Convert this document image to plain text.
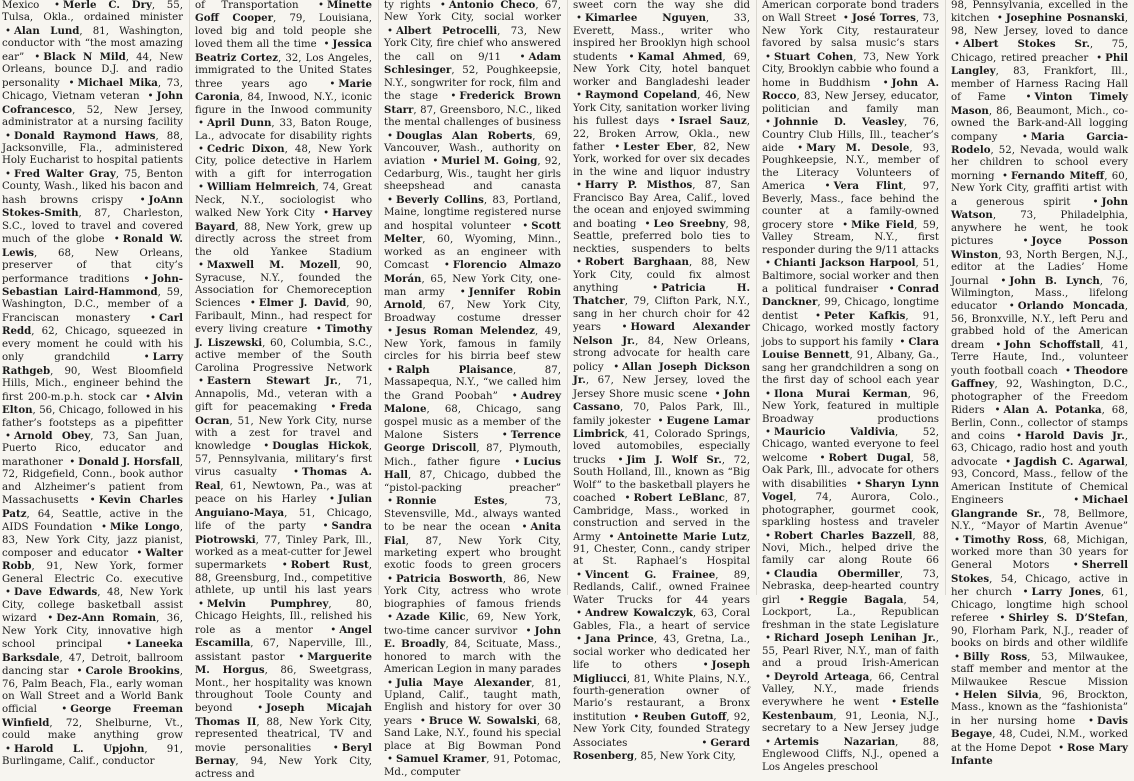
Mexico • Merle C. Dry, 55, Tulsa, Okla., ordained minister • Alan Lund, 81, Washington, conductor with “the most amazing ear” • Black N Mild, 44, New Orleans, bounce D.J. and radio personality • Michael Mika, 73, Chicago, Vietnam veteran • John Cofrancesco, 52, New Jersey, administrator at a nursing facility • Donald Raymond Haws, 88, Jacksonville, Fla., administered Holy Eucharist to hospital patients • Fred Walter Gray, 75, Benton County, Wash., liked his bacon and hash browns crispy • JoAnn Stokes-Smith, 87, Charleston, S.C., loved to travel and covered much of the globe • Ronald W. Lewis, 68, New Orleans, preserver of that city’s performance traditions • John-Sebastian Laird-Hammond, 59, Washington, D.C., member of a Franciscan monastery • Carl Redd, 62, Chicago, squeezed in every moment he could with his only grandchild	• Larry Rathgeb, 90, West Bloomfield Hills, Mich., engineer behind the first 200-m.p.h. stock car • Alvin Elton, 56, Chicago, followed in his father’s footsteps as a pipefitter • Arnold Obey, 73, San Juan, Puerto Rico, educator and marathoner • Donald J. Horsfall, 72, Ridgefield, Conn., book author and Alzheimer’s patient from Massachusetts • Kevin Charles Patz, 64, Seattle, active in the AIDS Foundation • Mike Longo, 83, New York City, jazz pianist, composer and educator • Walter Robb, 91, New York, former General Electric Co. executive • Dave Edwards, 48, New York City, college basketball assist wizard • Dez-Ann Romain, 36, New York City, innovative high school principal • Laneeka Barksdale, 47, Detroit, ballroom dancing star • Carole Brookins, 76, Palm Beach, Fla., early woman on Wall Street and a World Bank official • George Freeman Winfield, 72, Shelburne, Vt., could make anything grow • Harold L. Upjohn, 91, Burlingame, Calif., conductor

of Transportation • Minette Goff Cooper, 79, Louisiana, loved big and told people she loved them all the time • Jessica Beatriz Cortez, 32, Los Angeles, immigrated to the United States three years ago • Marie Caronia, 84, Inwood, N.Y., iconic figure in the Inwood community • April Dunn, 33, Baton Rouge, La., advocate for disability rights • Cedric Dixon, 48, New York City, police detective in Harlem with a gift for interrogation • William Helmreich, 74, Great Neck, N.Y., sociologist who walked New York City • Harvey Bayard, 88, New York, grew up directly across the street from the old Yankee Stadium • Maxwell M. Mozell, 90, Syracuse, N.Y., founded the Association for Chemoreception Sciences • Elmer J. David, 90, Faribault, Minn., had respect for every living creature • Timothy J. Liszewski, 60, Columbia, S.C., active member of the South Carolina Progressive Network • Eastern Stewart Jr., 71, Annapolis, Md., veteran with a gift for peacemaking • Freda Ocran, 51, New York City, nurse with a zest for travel and knowledge • Douglas Hickok, 57, Pennsylvania, military’s first virus casualty • Thomas A. Real, 61, Newtown, Pa., was at peace on his Harley • Julian Anguiano-Maya, 51, Chicago, life of the party • Sandra Piotrowski, 77, Tinley Park, Ill., worked as a meat-cutter for Jewel supermarkets • Robert Rust, 88, Greensburg, Ind., competitive athlete, up until his last years • Melvin Pumphrey, 80, Chicago Heights, Ill., relished his role as a mentor • Angel Escamilla, 67, Naperville, Ill., assistant pastor • Marguerite M. Horgus, 86, Sweetgrass, Mont., her hospitality was known throughout Toole County and beyond • Joseph Micajah Thomas II, 88, New York City, represented theatrical, TV and movie personalities • Beryl Bernay, 94, New York City, actress and

ty rights • Antonio Checo, 67, New York City, social worker • Albert Petrocelli, 73, New York City, fire chief who answered the call on 9/11 • Adam Schlesinger, 52, Poughkeepsie, N.Y., songwriter for rock, film and the stage • Frederick Brown Starr, 87, Greensboro, N.C., liked the mental challenges of business • Douglas Alan Roberts, 69, Vancouver, Wash., authority on aviation • Muriel M. Going, 92, Cedarburg, Wis., taught her girls sheepshead and canasta • Beverly Collins, 83, Portland, Maine, longtime registered nurse and hospital volunteer • Scott Melter, 60, Wyoming, Minn., worked as an engineer with Comcast • Florencio Almazo Morán, 65, New York City, one-man army • Jennifer Robin Arnold, 67, New York City, Broadway costume dresser • Jesus Roman Melendez, 49, New York, famous in family circles for his birria beef stew • Ralph Plaisance, 87, Massapequa, N.Y., “we called him the Grand Poobah” • Audrey Malone, 68, Chicago, sang gospel music as a member of the Malone Sisters • Terrence George Driscoll, 87, Plymouth, Mich., father figure • Lucius Hall, 87, Chicago, dubbed the “pistol-packing preacher” • Ronnie Estes, 73, Stevensville, Md., always wanted to be near the ocean • Anita Fial, 87, New York City, marketing expert who brought exotic foods to green grocers • Patricia Bosworth, 86, New York City, actress who wrote biographies of famous friends • Azade Kilic, 69, New York, two-time cancer survivor • John E. Broadly, 84, Scituate, Mass., honored to march with the American Legion in many parades • Julia Maye Alexander, 81, Upland, Calif., taught math, English and history for over 30 years • Bruce W. Sowalski, 68, Sand Lake, N.Y., found his special place at Big Bowman Pond • Samuel Kramer, 91, Potomac, Md., computer

sweet corn the way she did • Kimarlee Nguyen, 33, Everett, Mass., writer who inspired her Brooklyn high school students • Kamal Ahmed, 69, New York City, hotel banquet worker and Bangladeshi leader • Raymond Copeland, 46, New York City, sanitation worker living his fullest days • Israel Sauz, 22, Broken Arrow, Okla., new father • Lester Eber, 82, New York, worked for over six decades in the wine and liquor industry • Harry P. Misthos, 87, San Francisco Bay Area, Calif., loved the ocean and enjoyed swimming and boating • Leo Sreebny, 98, Seattle, preferred bolo ties to neckties, suspenders to belts • Robert Barghaan, 88, New York City, could fix almost anything	• Patricia H. Thatcher, 79, Clifton Park, N.Y., sang in her church choir for 42 years • Howard Alexander Nelson Jr., 84, New Orleans, strong advocate for health care policy • Allan Joseph Dickson Jr., 67, New Jersey, loved the Jersey Shore music scene • John Cassano, 70, Palos Park, Ill., family jokester • Eugene Lamar Limbrick, 41, Colorado Springs, loved automobiles, especially trucks • Jim J. Wolf Sr., 72, South Holland, Ill., known as “Big Wolf” to the basketball players he coached • Robert LeBlanc, 87, Cambridge, Mass., worked in construction and served in the Army • Antoinette Marie Lutz, 91, Chester, Conn., candy striper at St. Raphael’s Hospital • Vincent G. Frainee, 89, Redlands, Calif., owned Frainee Water Trucks for 44 years • Andrew Kowalczyk, 63, Coral Gables, Fla., a heart of service • Jana Prince, 43, Gretna, La., social worker who dedicated her life to others • Joseph Migliucci, 81, White Plains, N.Y., fourth-generation owner of Mario’s restaurant, a Bronx institution • Reuben Gutoff, 92, New York City, founded Strategy Associates	• Gerard Rosenberg, 85, New York City,

American corporate bond traders on Wall Street • José Torres, 73, New York City, restaurateur favored by salsa music’s stars • Stuart Cohen, 73, New York City, Brooklyn cabbie who found a home in Buddhism • John A. Rocco, 83, New Jersey, educator, politician and family man • Johnnie D. Veasley, 76, Country Club Hills, Ill., teacher’s aide • Mary M. Desole, 93, Poughkeepsie, N.Y., member of the Literacy Volunteers of America • Vera Flint, 97, Beverly, Mass., face behind the counter at a family-owned grocery store • Mike Field, 59, Valley Stream, N.Y., first responder during the 9/11 attacks • Chianti Jackson Harpool, 51, Baltimore, social worker and then a political fundraiser • Conrad Danckner, 99, Chicago, longtime dentist • Peter Kafkis, 91, Chicago, worked mostly factory jobs to support his family • Clara Louise Bennett, 91, Albany, Ga., sang her grandchildren a song on the first day of school each year • Ilona Murai Kerman, 96, New York, featured in multiple Broadway productions • Mauricio Valdivia, 52, Chicago, wanted everyone to feel welcome • Robert Dugal, 58, Oak Park, Ill., advocate for others with disabilities • Sharyn Lynn Vogel, 74, Aurora, Colo., photographer, gourmet cook, sparkling hostess and traveler • Robert Charles Bazzell, 88, Novi, Mich., helped drive the family car along Route 66 • Claudia Obermiller, 73, Nebraska, deep-hearted country girl • Reggie Bagala, 54, Lockport, La., Republican freshman in the state Legislature • Richard Joseph Lenihan Jr., 55, Pearl River, N.Y., man of faith and a proud Irish-American • Deyrold Arteaga, 66, Central Valley, N.Y., made friends everywhere he went • Estelle Kestenbaum, 91, Leonia, N.J., secretary to a New Jersey judge • Artemis Nazarian, 88, Englewood Cliffs, N.J., opened a Los Angeles preschool

98, Pennsylvania, excelled in the kitchen • Josephine Posnanski, 98, New Jersey, loved to dance • Albert Stokes Sr., 75, Chicago, retired preacher • Phil Langley, 83, Frankfort, Ill., member of Harness Racing Hall of Fame • Vinton Timely Mason, 86, Beaumont, Mich., co-owned the Bark-and-All logging company • Maria Garcia-Rodelo, 52, Nevada, would walk her children to school every morning • Fernando Miteff, 60, New York City, graffiti artist with a generous spirit • John Watson, 73, Philadelphia, anywhere he went, he took pictures	• Joyce Posson Winston, 93, North Bergen, N.J., editor at the Ladies’ Home Journal • John B. Lynch, 76, Wilmington, Mass., lifelong educator • Orlando Moncada, 56, Bronxville, N.Y., left Peru and grabbed hold of the American dream • John Schoffstall, 41, Terre Haute, Ind., volunteer youth football coach • Theodore Gaffney, 92, Washington, D.C., photographer of the Freedom Riders • Alan A. Potanka, 68, Berlin, Conn., collector of stamps and coins • Harold Davis Jr., 63, Chicago, radio host and youth advocate • Jagdish C. Agarwal, 93, Concord, Mass., fellow of the American Institute of Chemical Engineers	• Michael Glangrande Sr., 78, Bellmore, N.Y., “Mayor of Martin Avenue” • Timothy Ross, 68, Michigan, worked more than 30 years for General Motors • Sherrell Stokes, 54, Chicago, active in her church • Larry Jones, 61, Chicago, longtime high school referee • Shirley S. D’Stefan, 90, Florham Park, N.J., reader of books on birds and other wildlife • Billy Ross, 53, Milwaukee, staff member and mentor at the Milwaukee Rescue Mission • Helen Silvia, 96, Brockton, Mass., known as the “fashionista” in her nursing home • Davis Begaye, 48, Cudei, N.M., worked at the Home Depot • Rose Mary Infante
